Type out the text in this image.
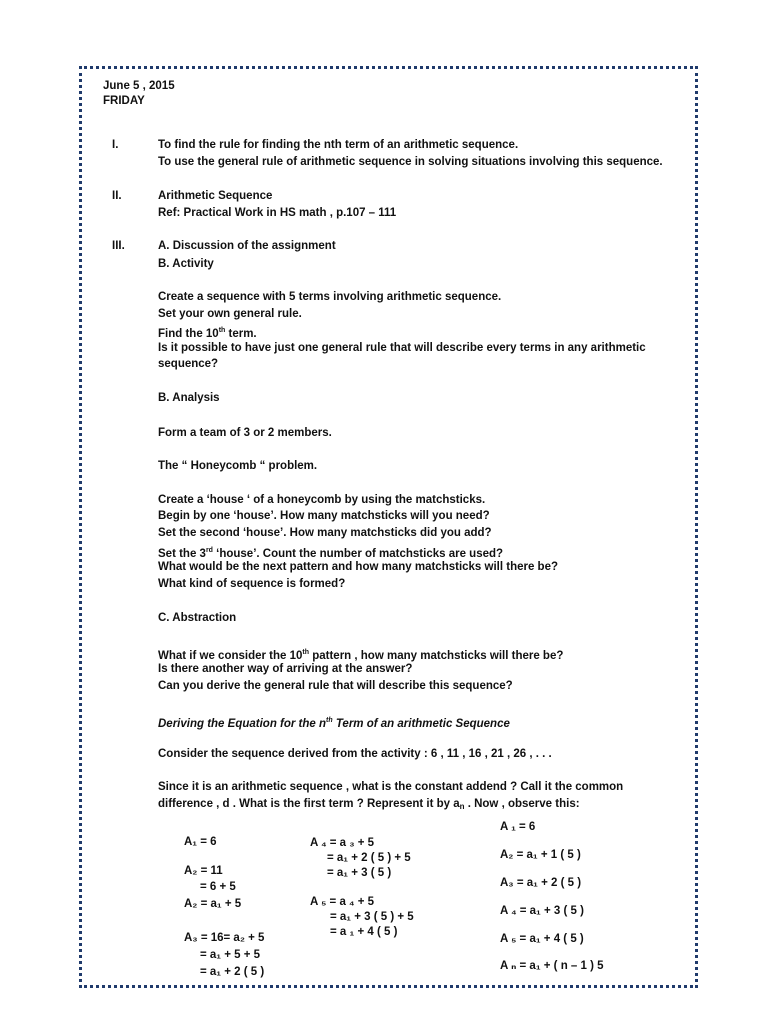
June 5 , 2015
FRIDAY
I.	To find the rule for finding the nth term of an arithmetic sequence.
To use the general rule of arithmetic sequence in solving situations involving this sequence.
II.	Arithmetic Sequence
Ref: Practical Work in HS math , p.107 – 111
III.	A. Discussion of the assignment
B. Activity
Create a sequence with 5 terms involving arithmetic sequence.
Set your own general rule.
Find the 10th term.
Is it possible to have just one general rule that will describe every terms in any arithmetic
sequence?
B. Analysis
Form a team of 3 or 2 members.
The “ Honeycomb “ problem.
Create a ‘house ‘ of a honeycomb by using the matchsticks.
Begin by one ‘house’. How many matchsticks will you need?
Set the second ‘house’. How many matchsticks did you add?
Set the 3rd ‘house’. Count the number of matchsticks are used?
What would be the next pattern and how many matchsticks will there be?
What kind of sequence is formed?
C. Abstraction
What if we consider the 10th pattern , how many matchsticks will there be?
Is there another way of arriving at the answer?
Can you derive the general rule that will describe this sequence?
Deriving the Equation for the $n^{th}$ Term of an arithmetic Sequence
Consider the sequence derived from the activity : 6 , 11 , 16 , 21 , 26 , . . .
Since it is an arithmetic sequence , what is the constant addend ? Call it the common
difference , d . What is the first term ? Represent it by $a_n$ . Now , observe this:
A₁ = 6
A₂ = 11
= 6 + 5
A₂ = a₁ + 5
A₃ = 16= a₂ + 5
= a₁ + 5 + 5
= a₁ + 2 ( 5 )
A ₄ = a ₃ + 5
= a₁ + 2 ( 5 ) + 5
= a₁ + 3 ( 5 )
A ₅ = a ₄ + 5
= a₁ + 3 ( 5 ) + 5
= a ₁ + 4 ( 5 )
A ₁ = 6
A₂ = a₁ + 1 ( 5 )
A₃ = a₁ + 2 ( 5 )
A ₄ = a₁ + 3 ( 5 )
A ₅ = a₁ + 4 ( 5 )
A ₙ = a₁ + ( n – 1 ) 5
